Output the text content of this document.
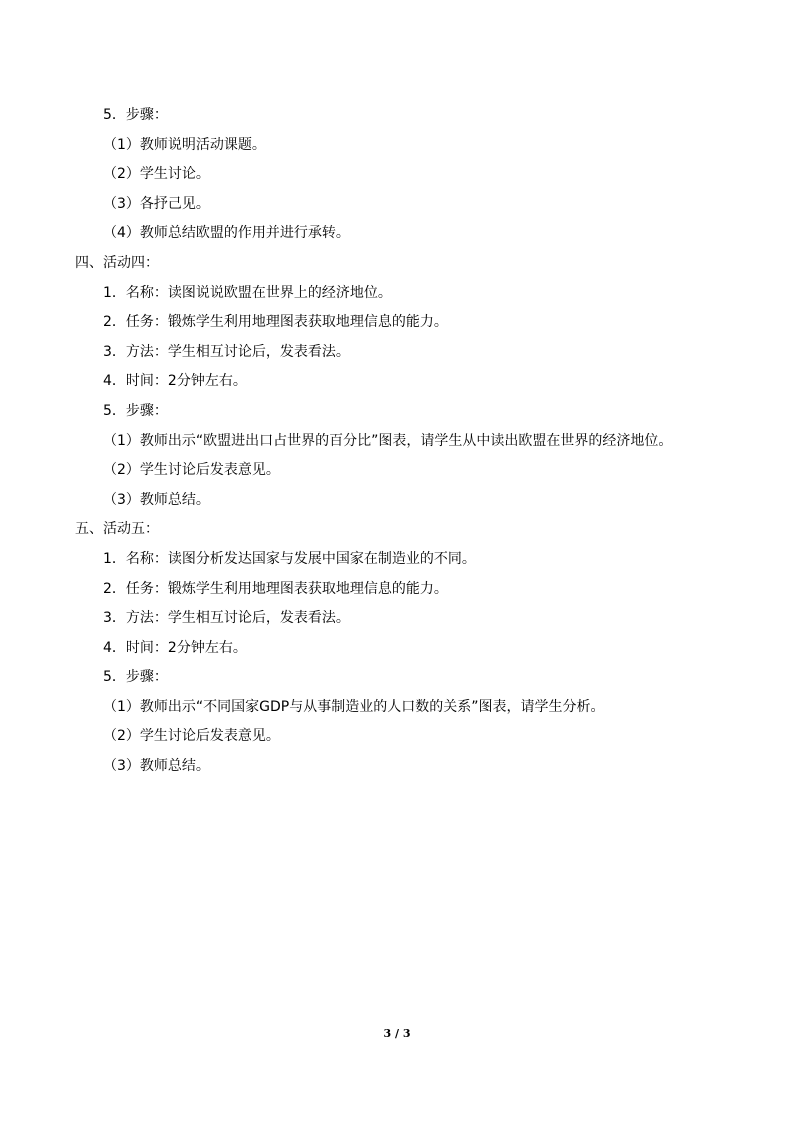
5．步骤：
（1）教师说明活动课题。
（2）学生讨论。
（3）各抒己见。
（4）教师总结欧盟的作用并进行承转。
四、活动四：
1．名称：读图说说欧盟在世界上的经济地位。
2．任务：锻炼学生利用地理图表获取地理信息的能力。
3．方法：学生相互讨论后，发表看法。
4．时间：2分钟左右。
5．步骤：
（1）教师出示“欧盟进出口占世界的百分比”图表，请学生从中读出欧盟在世界的经济地位。
（2）学生讨论后发表意见。
（3）教师总结。
五、活动五：
1．名称：读图分析发达国家与发展中国家在制造业的不同。
2．任务：锻炼学生利用地理图表获取地理信息的能力。
3．方法：学生相互讨论后，发表看法。
4．时间：2分钟左右。
5．步骤：
（1）教师出示“不同国家GDP与从事制造业的人口数的关系”图表，请学生分析。
（2）学生讨论后发表意见。
（3）教师总结。
3 / 3
